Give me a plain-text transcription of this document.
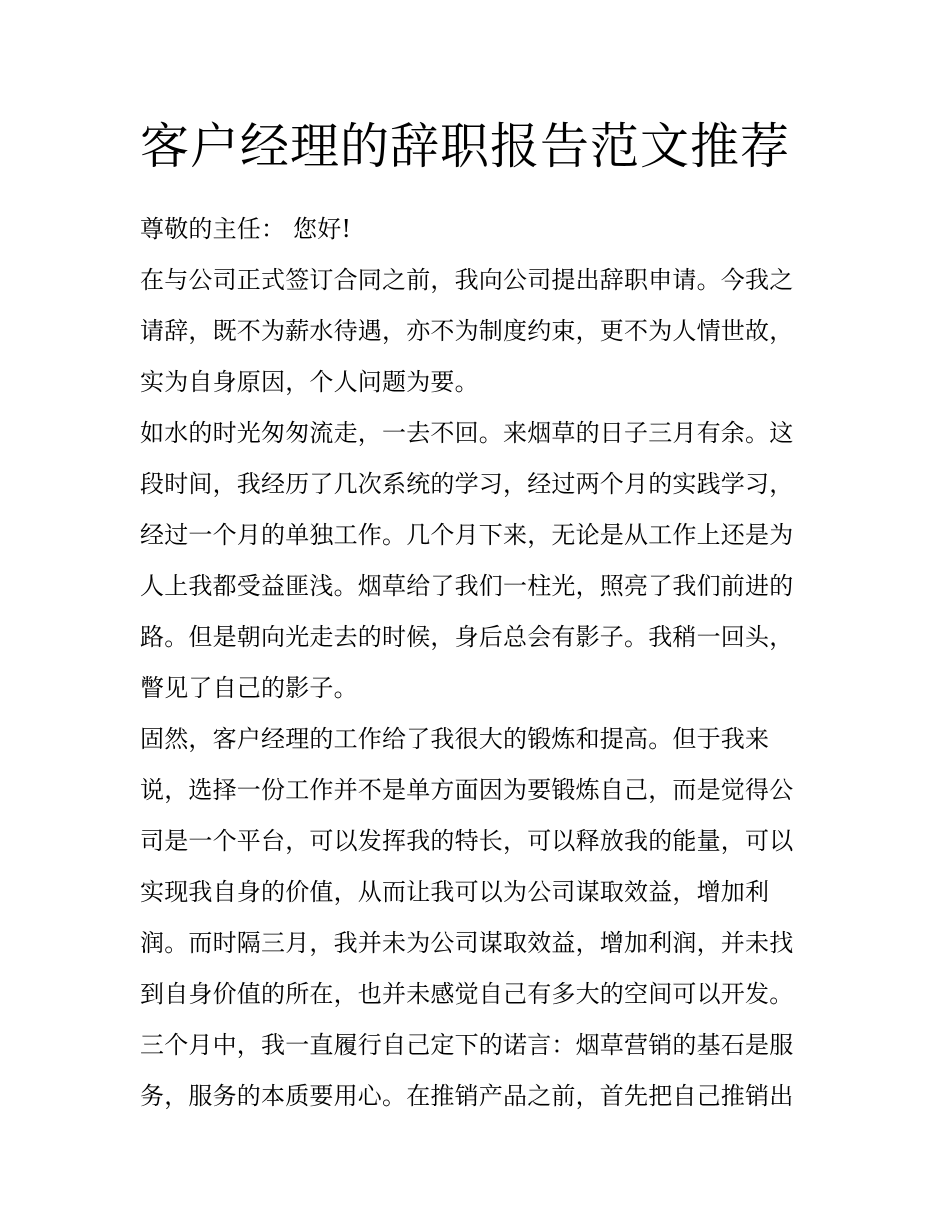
客户经理的辞职报告范文推荐
尊敬的主任： 您好!
在与公司正式签订合同之前，我向公司提出辞职申请。今我之
请辞，既不为薪水待遇，亦不为制度约束，更不为人情世故，
实为自身原因，个人问题为要。
如水的时光匆匆流走，一去不回。来烟草的日子三月有余。这
段时间，我经历了几次系统的学习，经过两个月的实践学习，
经过一个月的单独工作。几个月下来，无论是从工作上还是为
人上我都受益匪浅。烟草给了我们一柱光，照亮了我们前进的
路。但是朝向光走去的时候，身后总会有影子。我稍一回头，
瞥见了自己的影子。
固然，客户经理的工作给了我很大的锻炼和提高。但于我来
说，选择一份工作并不是单方面因为要锻炼自己，而是觉得公
司是一个平台，可以发挥我的特长，可以释放我的能量，可以
实现我自身的价值，从而让我可以为公司谋取效益，增加利
润。而时隔三月，我并未为公司谋取效益，增加利润，并未找
到自身价值的所在，也并未感觉自己有多大的空间可以开发。
三个月中，我一直履行自己定下的诺言：烟草营销的基石是服
务，服务的本质要用心。在推销产品之前，首先把自己推销出
